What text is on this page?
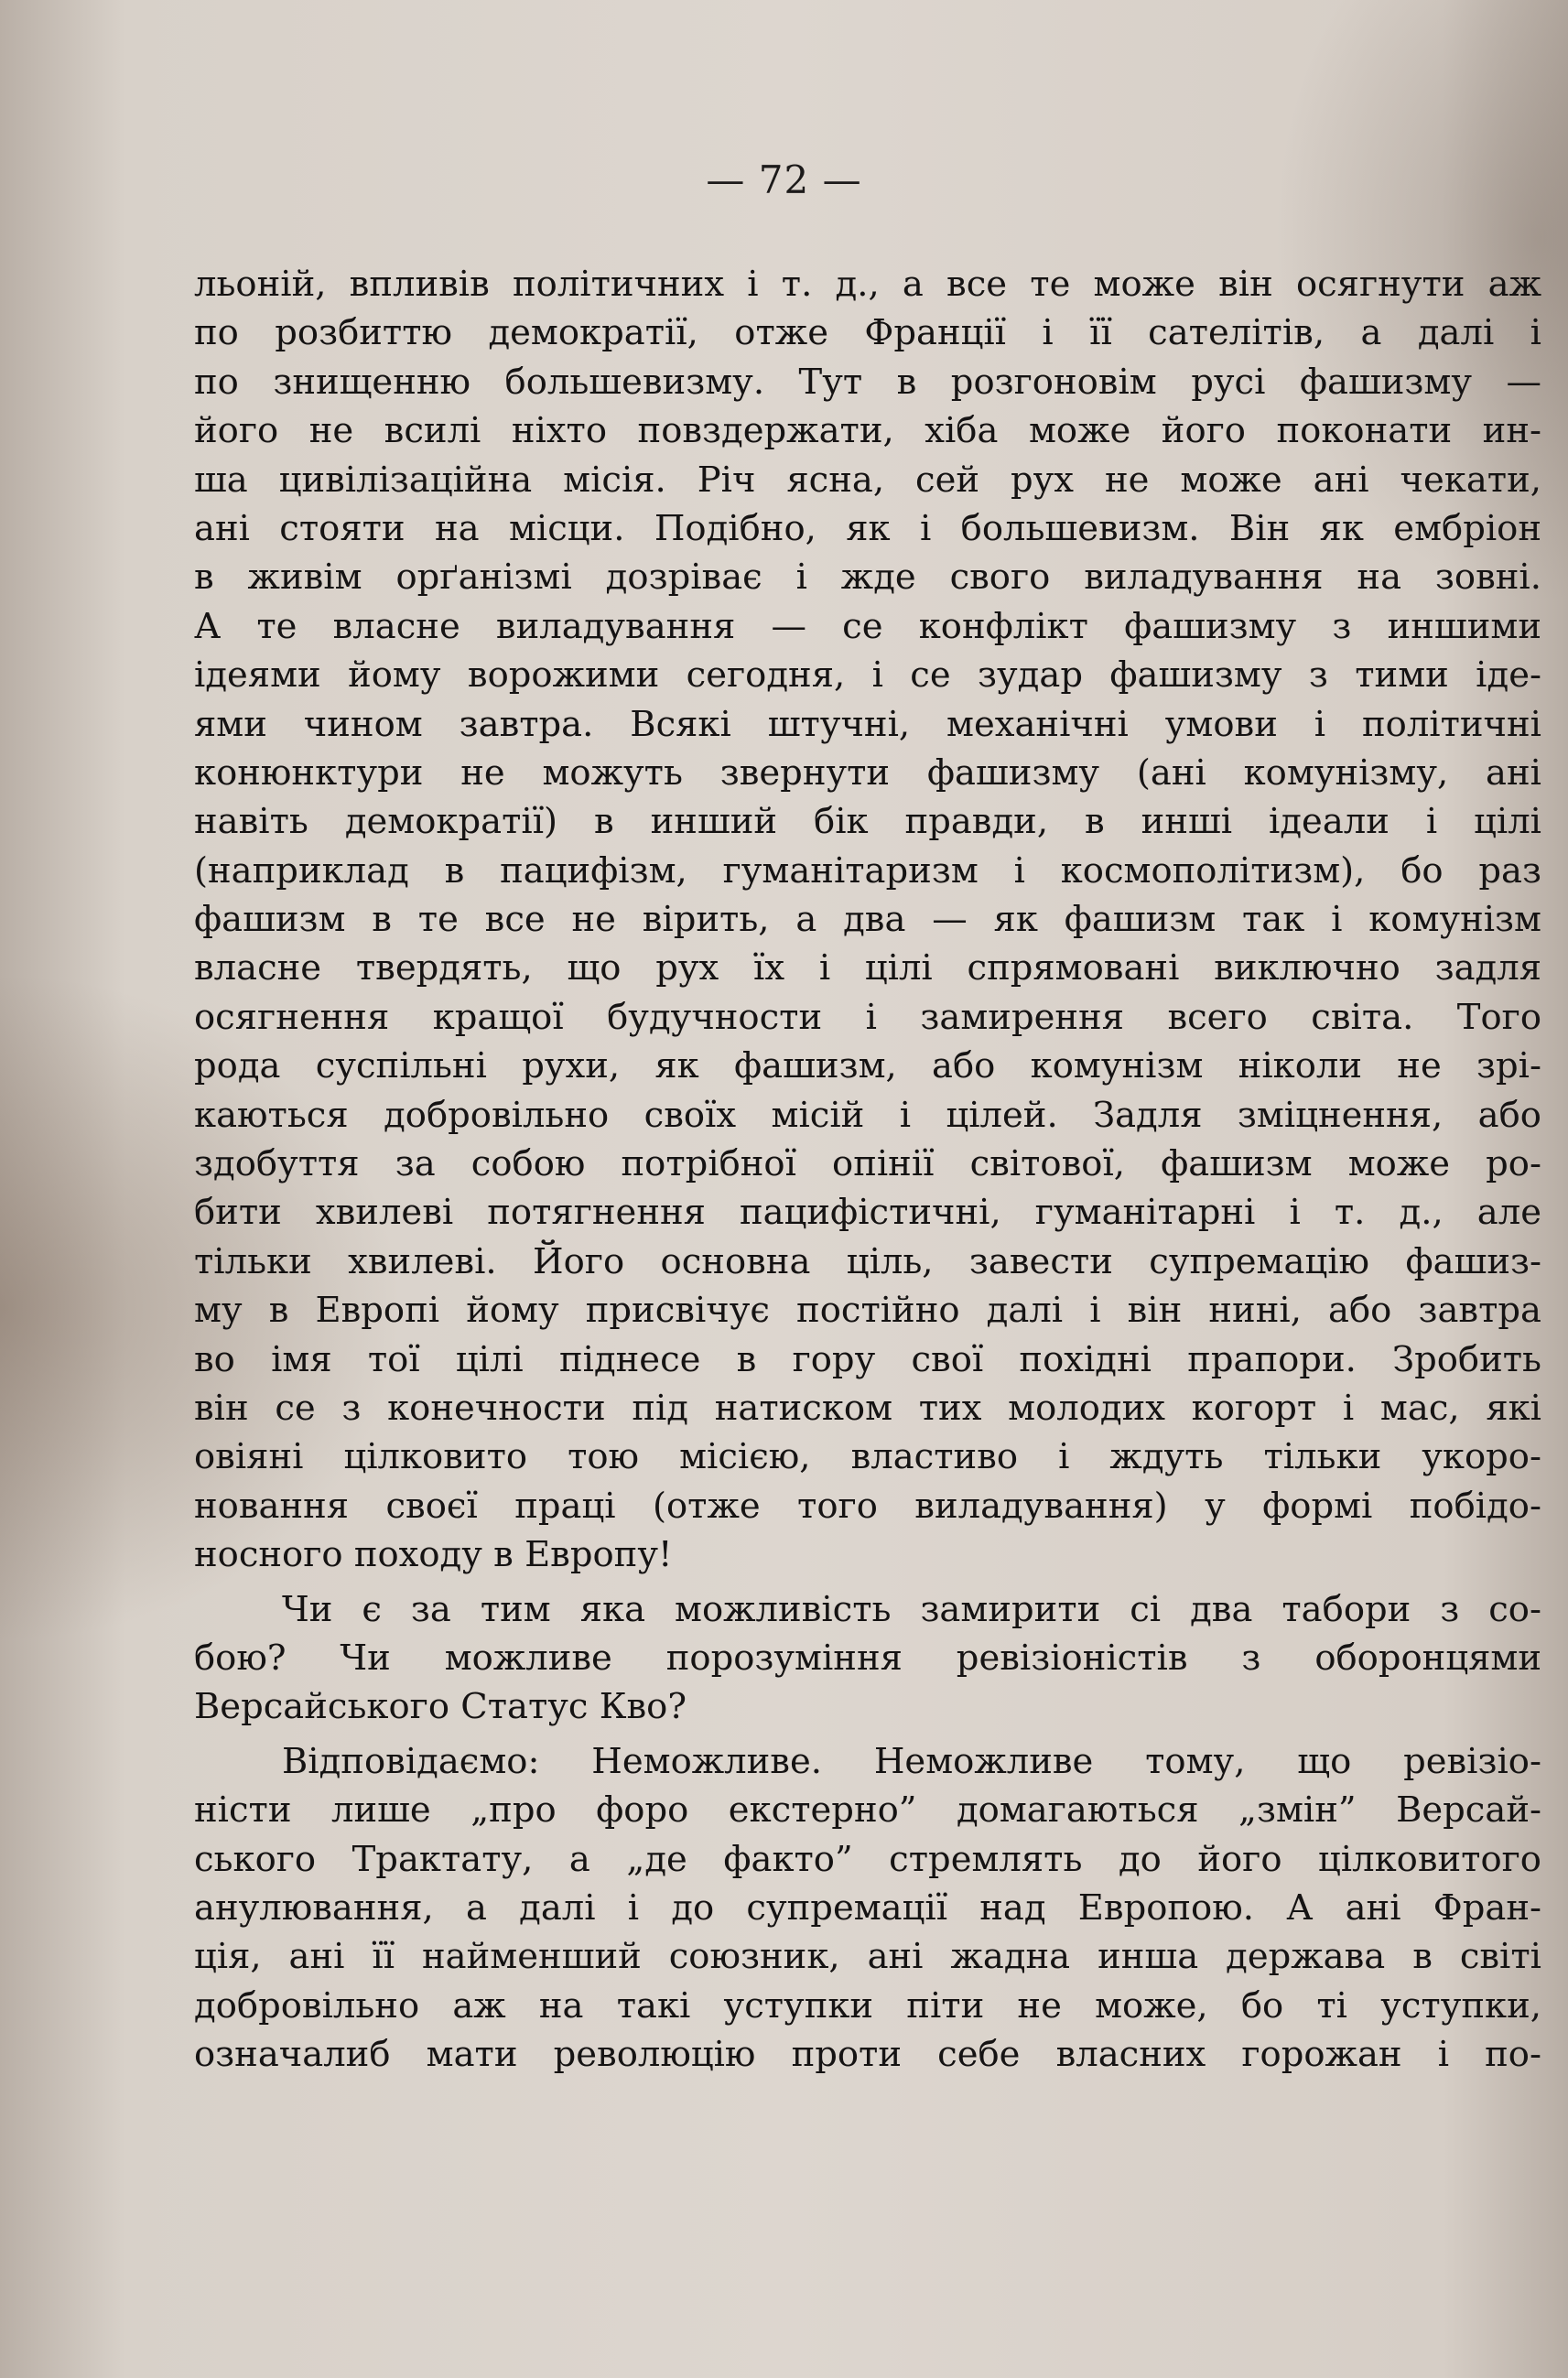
— 72 —
льоній, впливів політичних і т. д., а все те може він осягнути аж
по розбиттю демократії, отже Франції і її сателітів, а далі і
по знищенню большевизму. Тут в розгоновім русі фашизму —
його не всилі ніхто повздержати, хіба може його поконати ин-
ша цивілізаційна місія. Річ ясна, сей рух не може ані чекати,
ані стояти на місци. Подібно, як і большевизм. Він як ембріон
в живім орґанізмі дозріває і жде свого виладування на зовні.
А те власне виладування — се конфлікт фашизму з иншими
ідеями йому ворожими сегодня, і се зудар фашизму з тими іде-
ями чином завтра. Всякі штучні, механічні умови і політичні
конюнктури не можуть звернути фашизму (ані комунізму, ані
навіть демократії) в инший бік правди, в инші ідеали і цілі
(наприклад в пацифізм, гуманітаризм і космополітизм), бо раз
фашизм в те все не вірить, а два — як фашизм так і комунізм
власне твердять, що рух їх і цілі спрямовані виключно задля
осягнення кращої будучности і замирення всего світа. Того
рода суспільні рухи, як фашизм, або комунізм ніколи не зрі-
каються добровільно своїх місій і цілей. Задля зміцнення, або
здобуття за собою потрібної опінії світової, фашизм може ро-
бити хвилеві потягнення пацифістичні, гуманітарні і т. д., але
тільки хвилеві. Його основна ціль, завести супремацію фашиз-
му в Европі йому присвічує постійно далі і він нині, або завтра
во імя тої цілі піднесе в гору свої похідні прапори. Зробить
він се з конечности під натиском тих молодих когорт і мас, які
овіяні цілковито тою місією, властиво і ждуть тільки укоро-
новання своєї праці (отже того виладування) у формі побідо-
носного походу в Европу!
Чи є за тим яка можливість замирити сі два табори з со-
бою? Чи можливе порозуміння ревізіоністів з оборонцями
Версайського Статус Кво?
Відповідаємо: Неможливе. Неможливе тому, що ревізіо-
ністи лише „про форо екстерно” домагаються „змін” Версай-
ського Трактату, а „де факто” стремлять до його цілковитого
анулювання, а далі і до супремації над Европою. А ані Фран-
ція, ані її найменший союзник, ані жадна инша держава в світі
добровільно аж на такі уступки піти не може, бо ті уступки,
означалиб мати революцію проти себе власних горожан і по-
